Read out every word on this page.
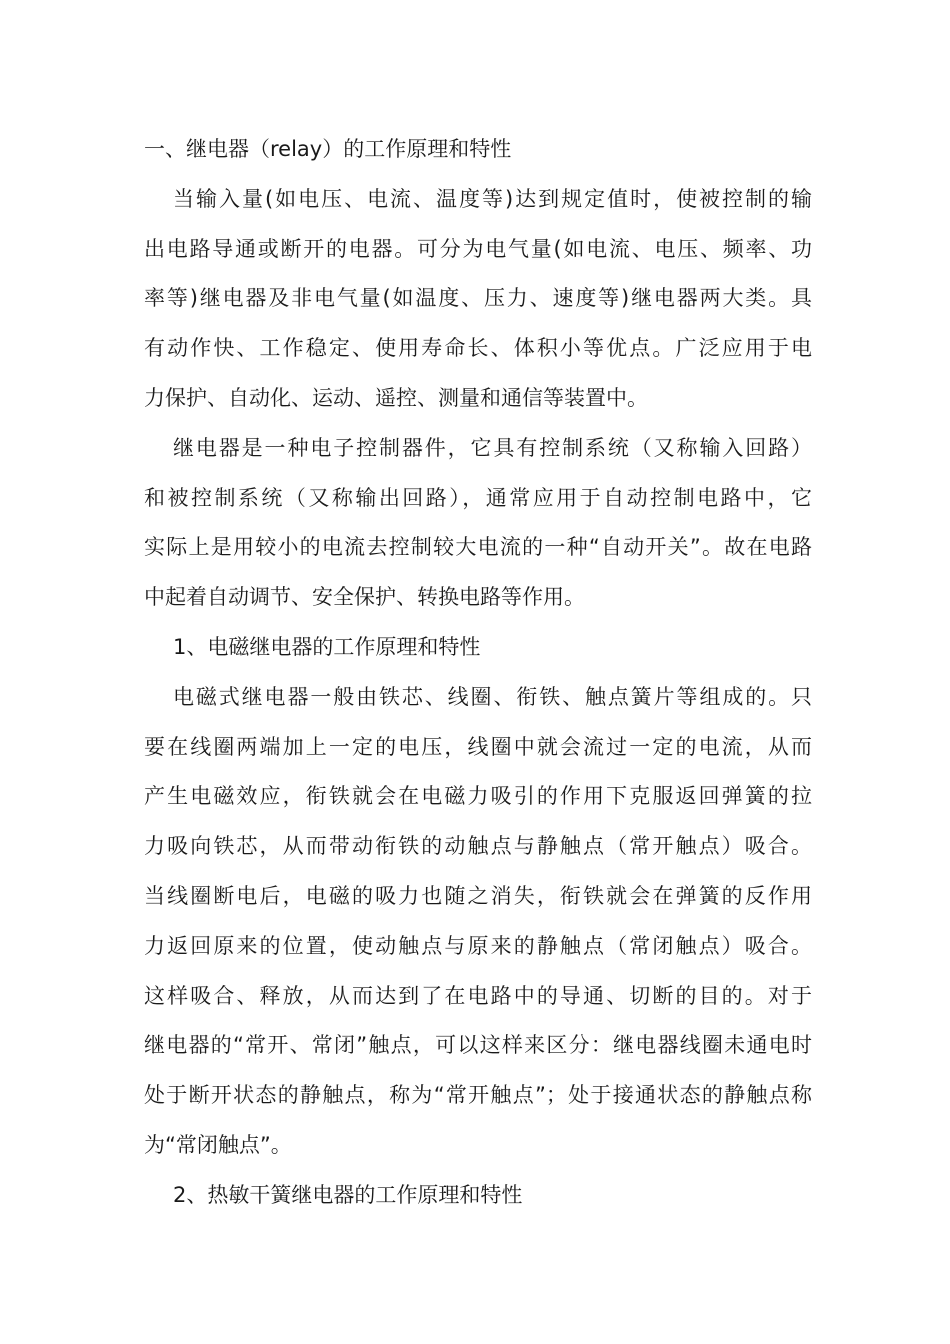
一、继电器（relay）的工作原理和特性
当输入量(如电压、电流、温度等)达到规定值时，使被控制的输
出电路导通或断开的电器。可分为电气量(如电流、电压、频率、功
率等)继电器及非电气量(如温度、压力、速度等)继电器两大类。具
有动作快、工作稳定、使用寿命长、体积小等优点。广泛应用于电
力保护、自动化、运动、遥控、测量和通信等装置中。
继电器是一种电子控制器件，它具有控制系统（又称输入回路）
和被控制系统（又称输出回路），通常应用于自动控制电路中，它
实际上是用较小的电流去控制较大电流的一种“自动开关”。故在电路
中起着自动调节、安全保护、转换电路等作用。
1、电磁继电器的工作原理和特性
电磁式继电器一般由铁芯、线圈、衔铁、触点簧片等组成的。只
要在线圈两端加上一定的电压，线圈中就会流过一定的电流，从而
产生电磁效应，衔铁就会在电磁力吸引的作用下克服返回弹簧的拉
力吸向铁芯，从而带动衔铁的动触点与静触点（常开触点）吸合。
当线圈断电后，电磁的吸力也随之消失，衔铁就会在弹簧的反作用
力返回原来的位置，使动触点与原来的静触点（常闭触点）吸合。
这样吸合、释放，从而达到了在电路中的导通、切断的目的。对于
继电器的“常开、常闭”触点，可以这样来区分：继电器线圈未通电时
处于断开状态的静触点，称为“常开触点”；处于接通状态的静触点称
为“常闭触点”。
2、热敏干簧继电器的工作原理和特性
